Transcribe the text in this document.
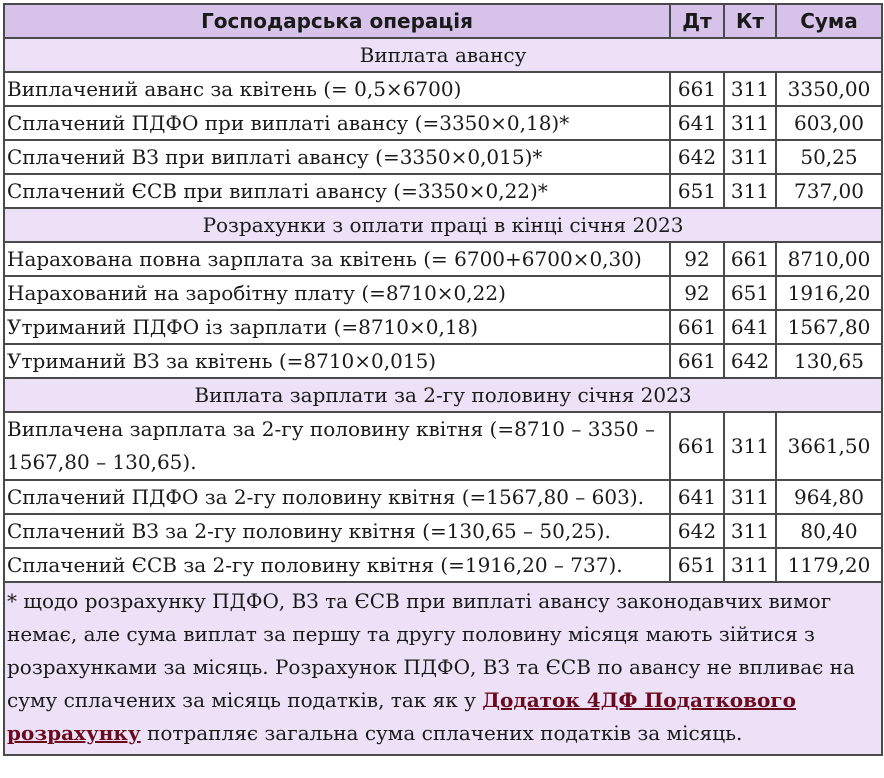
Господарська операція	Дт	Кт	Сума
Виплата авансу			
Виплачений аванс за квітень (= 0,5×6700)	661	311	3350,00
Сплачений ПДФО при виплаті авансу (=3350×0,18)*	641	311	603,00
Сплачений ВЗ при виплаті авансу (=3350×0,015)*	642	311	50,25
Сплачений ЄСВ при виплаті авансу (=3350×0,22)*	651	311	737,00
Розрахунки з оплати праці в кінці січня 2023			
Нарахована повна зарплата за квітень (= 6700+6700×0,30)	92	661	8710,00
Нарахований на заробітну плату (=8710×0,22)	92	651	1916,20
Утриманий ПДФО із зарплати (=8710×0,18)	661	641	1567,80
Утриманий ВЗ за квітень (=8710×0,015)	661	642	130,65
Виплата зарплати за 2-гу половину січня 2023			
Виплачена зарплата за 2-гу половину квітня (=8710 – 3350 – 1567,80 – 130,65).	661	311	3661,50
Сплачений ПДФО за 2-гу половину квітня (=1567,80 – 603).	641	311	964,80
Сплачений ВЗ за 2-гу половину квітня (=130,65 – 50,25).	642	311	80,40
Сплачений ЄСВ за 2-гу половину квітня (=1916,20 – 737).	651	311	1179,20
* щодо розрахунку ПДФО, ВЗ та ЄСВ при виплаті авансу законодавчих вимог немає, але сума виплат за першу та другу половину місяця мають зійтися з розрахунками за місяць. Розрахунок ПДФО, ВЗ та ЄСВ по авансу не впливає на суму сплачених за місяць податків, так як у Додаток 4ДФ Податкового розрахунку потрапляє загальна сума сплачених податків за місяць.			
